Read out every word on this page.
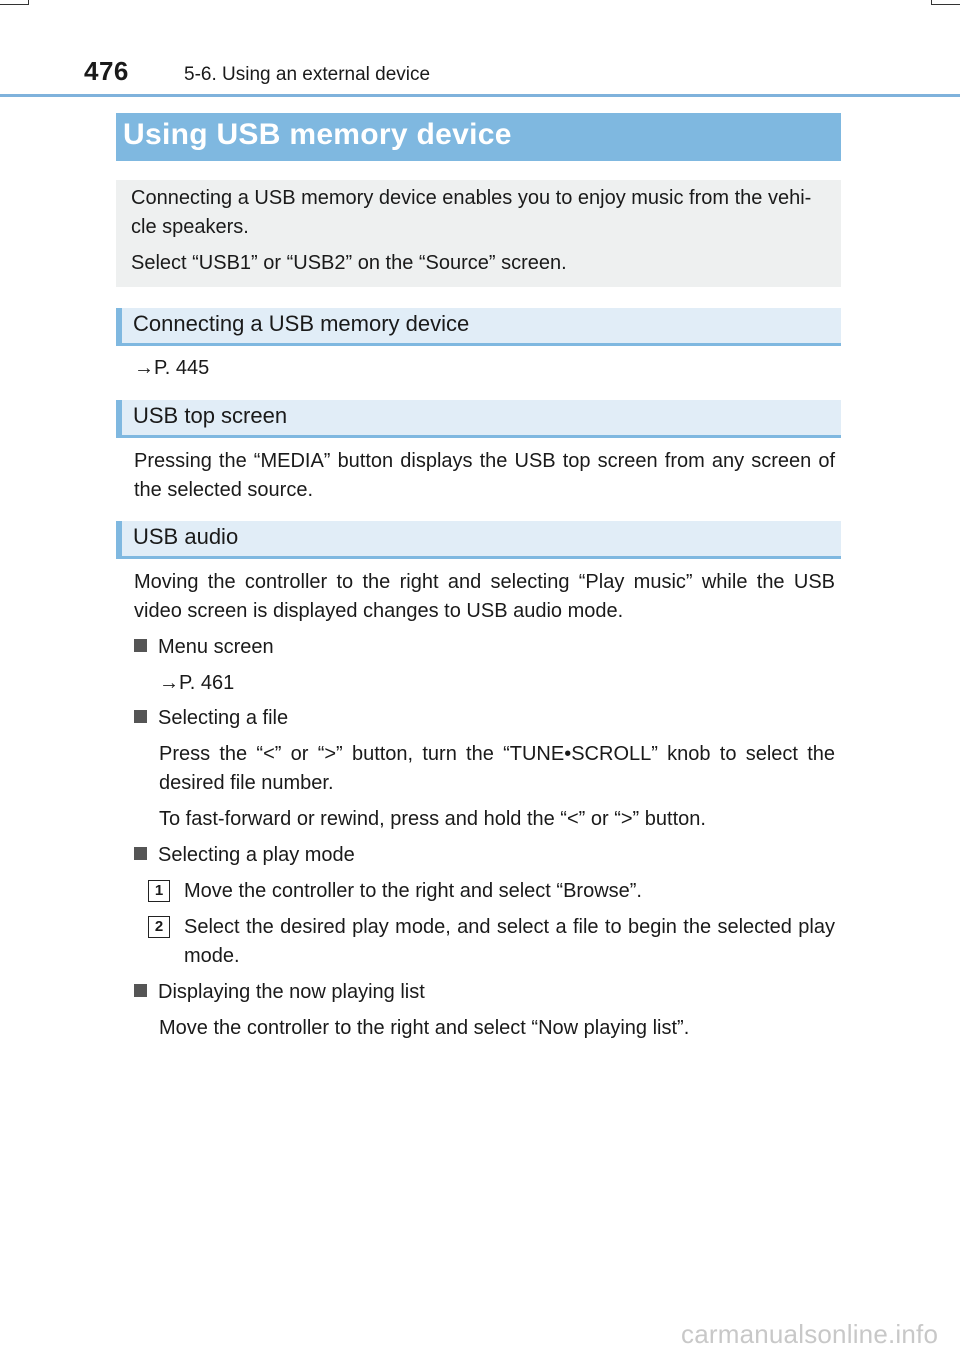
476	5-6. Using an external device
Using USB memory device

Connecting a USB memory device enables you to enjoy music from the vehi-cle speakers.

Select “USB1” or “USB2” on the “Source” screen.

Connecting a USB memory device

→P. 445

USB top screen

Pressing the “MEDIA” button displays the USB top screen from any screen of the selected source.

USB audio

Moving the controller to the right and selecting “Play music” while the USB video screen is displayed changes to USB audio mode.

Menu screen

→P. 461

Selecting a file

Press the “<” or “>” button, turn the “TUNE•SCROLL” knob to select the desired file number.

To fast-forward or rewind, press and hold the “<” or “>” button.

Selecting a play mode
1	Move the controller to the right and select “Browse”.

2	Select the desired play mode, and select a file to begin the selected play mode.

Displaying the now playing list

Move the controller to the right and select “Now playing list”.

carmanualsonline.info
